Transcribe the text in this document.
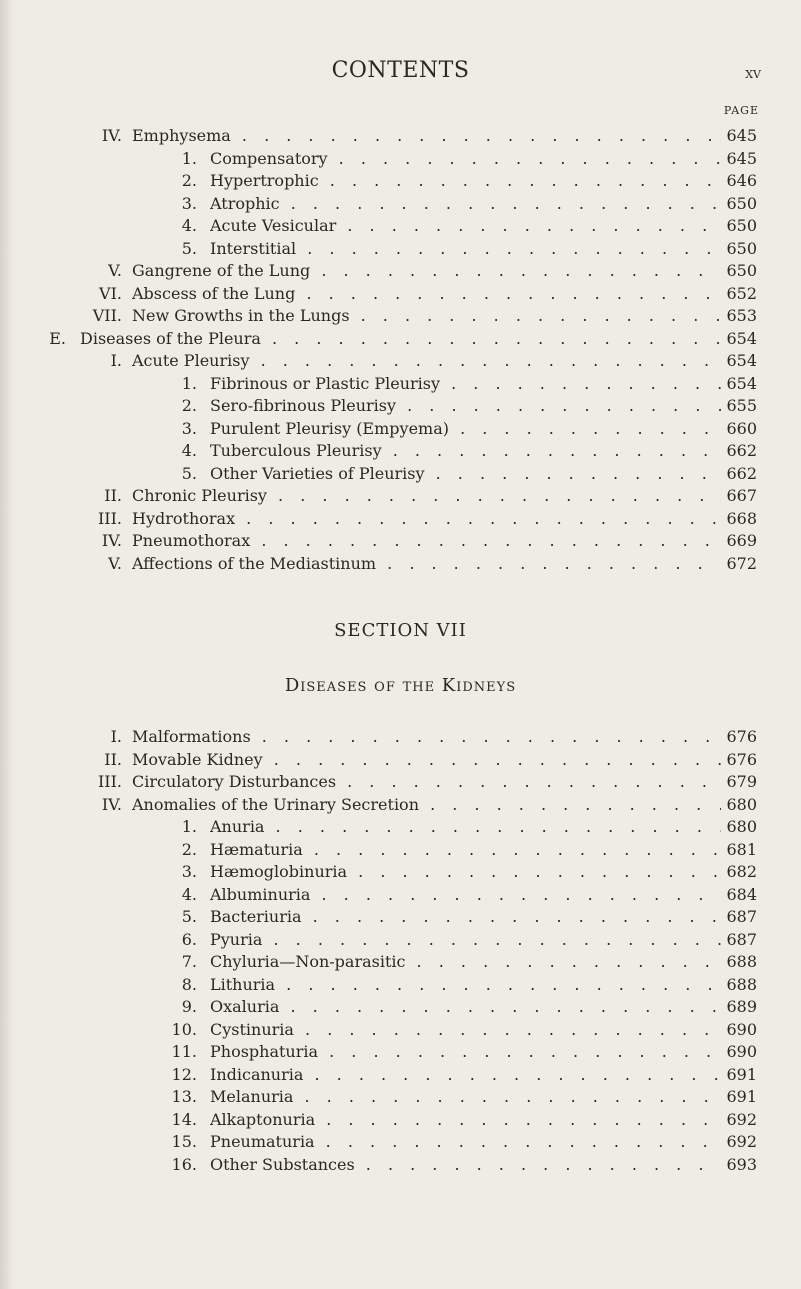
CONTENTS	xv
PAGE
IV. Emphysema . . .	645
1. Compensatory . . .	645
2. Hypertrophic . . .	646
3. Atrophic . . .	650
4. Acute Vesicular . . .	650
5. Interstitial . . .	650
V. Gangrene of the Lung . . .	650
VI. Abscess of the Lung . . .	652
VII. New Growths in the Lungs . . .	653
E. Diseases of the Pleura . . .	654
I. Acute Pleurisy . . .	654
1. Fibrinous or Plastic Pleurisy . . .	654
2. Sero-fibrinous Pleurisy . . .	655
3. Purulent Pleurisy (Empyema) . . .	660
4. Tuberculous Pleurisy . . .	662
5. Other Varieties of Pleurisy . . .	662
II. Chronic Pleurisy . . .	667
III. Hydrothorax . . .	668
IV. Pneumothorax . . .	669
V. Affections of the Mediastinum . . .	672
SECTION VII
Diseases of the Kidneys
I. Malformations . . .	676
II. Movable Kidney . . .	676
III. Circulatory Disturbances . . .	679
IV. Anomalies of the Urinary Secretion . . .	680
1. Anuria . . .	680
2. Hæmaturia . . .	681
3. Hæmoglobinuria . . .	682
4. Albuminuria . . .	684
5. Bacteriuria . . .	687
6. Pyuria . . .	687
7. Chyluria—Non-parasitic . . .	688
8. Lithuria . . .	688
9. Oxaluria . . .	689
10. Cystinuria . . .	690
11. Phosphaturia . . .	690
12. Indicanuria . . .	691
13. Melanuria . . .	691
14. Alkaptonuria . . .	692
15. Pneumaturia . . .	692
16. Other Substances . . .	693
